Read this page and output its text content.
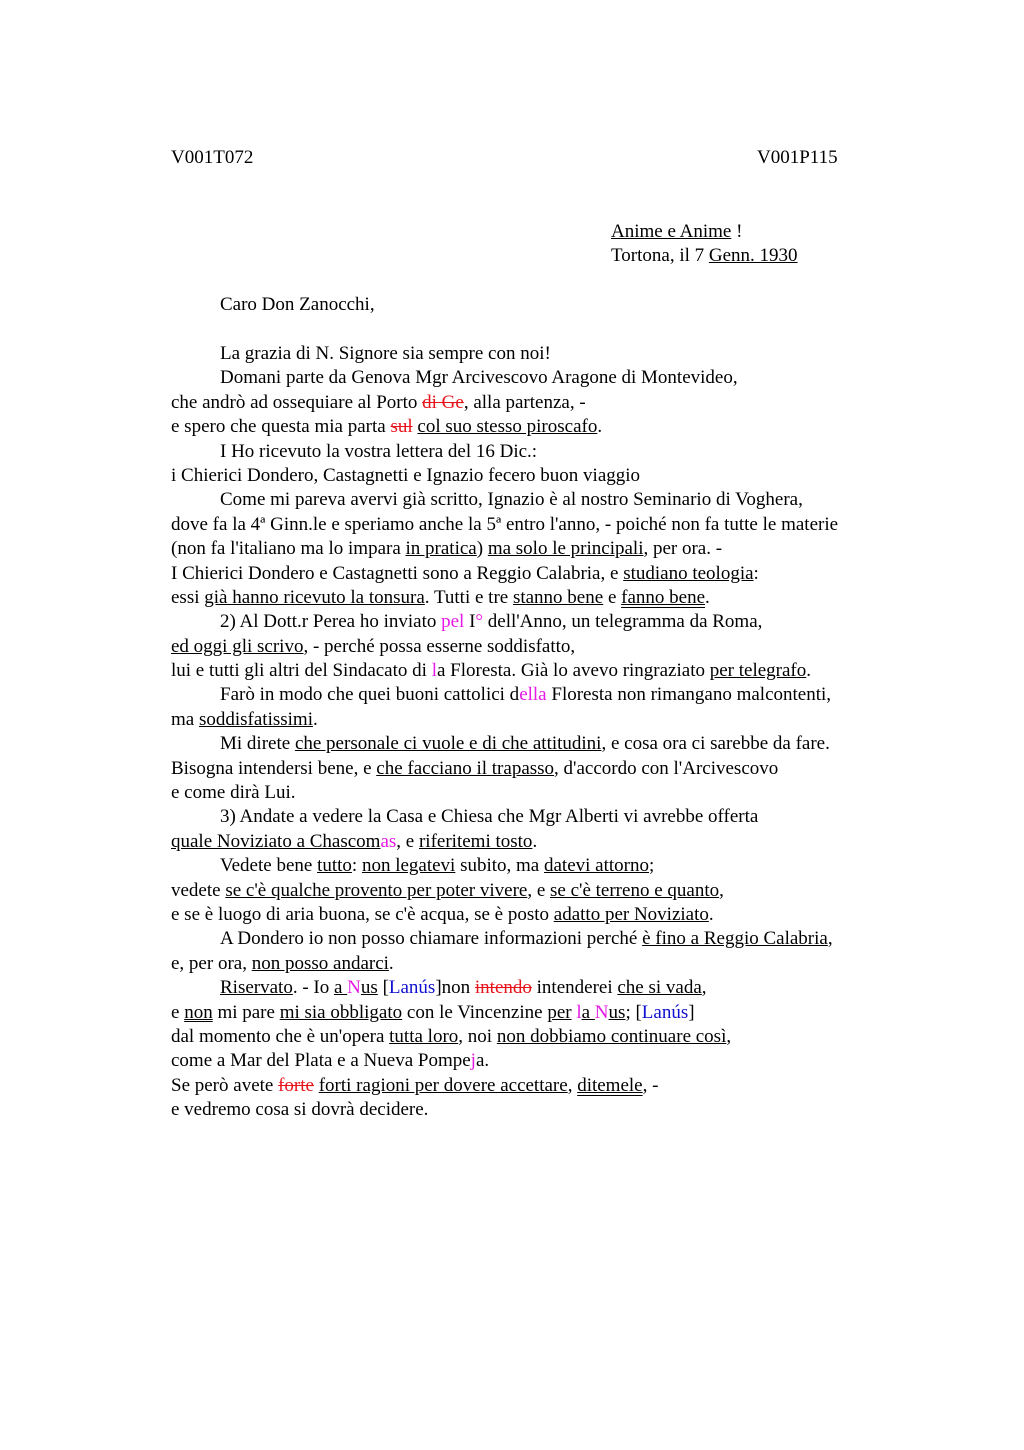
V001T072	V001P115
Anime e Anime !
Tortona, il 7 Genn. 1930
Caro Don Zanocchi,
La grazia di N. Signore sia sempre con noi!
Domani parte da Genova Mgr Arcivescovo Aragone di Montevideo,
che andrò ad ossequiare al Porto di Ge, alla partenza, -
e spero che questa mia parta sul col suo stesso piroscafo.
I Ho ricevuto la vostra lettera del 16 Dic.:
i Chierici Dondero, Castagnetti e Ignazio fecero buon viaggio
Come mi pareva avervi già scritto, Ignazio è al nostro Seminario di Voghera,
dove fa la 4ª Ginn.le e speriamo anche la 5ª entro l'anno, - poiché non fa tutte le materie
(non fa l'italiano ma lo impara in pratica) ma solo le principali, per ora. -
I Chierici Dondero e Castagnetti sono a Reggio Calabria, e studiano teologia:
essi già hanno ricevuto la tonsura. Tutti e tre stanno bene e fanno bene.
2) Al Dott.r Perea ho inviato pel I° dell'Anno, un telegramma da Roma,
ed oggi gli scrivo, - perché possa esserne soddisfatto,
lui e tutti gli altri del Sindacato di la Floresta. Già lo avevo ringraziato per telegrafo.
Farò in modo che quei buoni cattolici della Floresta non rimangano malcontenti,
ma soddisfatissimi.
Mi direte che personale ci vuole e di che attitudini, e cosa ora ci sarebbe da fare.
Bisogna intendersi bene, e che facciano il trapasso, d'accordo con l'Arcivescovo
e come dirà Lui.
3) Andate a vedere la Casa e Chiesa che Mgr Alberti vi avrebbe offerta
quale Noviziato a Chascomas, e riferitemi tosto.
Vedete bene tutto: non legatevi subito, ma datevi attorno;
vedete se c'è qualche provento per poter vivere, e se c'è terreno e quanto,
e se è luogo di aria buona, se c'è acqua, se è posto adatto per Noviziato.
A Dondero io non posso chiamare informazioni perché è fino a Reggio Calabria,
e, per ora, non posso andarci.
Riservato. - Io a Nus [Lanús]non intendo intenderei che si vada,
e non mi pare mi sia obbligato con le Vincenzine per la Nus; [Lanús]
dal momento che è un'opera tutta loro, noi non dobbiamo continuare così,
come a Mar del Plata e a Nueva Pompeja.
Se però avete forte forti ragioni per dovere accettare, ditemele, -
e vedremo cosa si dovrà decidere.
